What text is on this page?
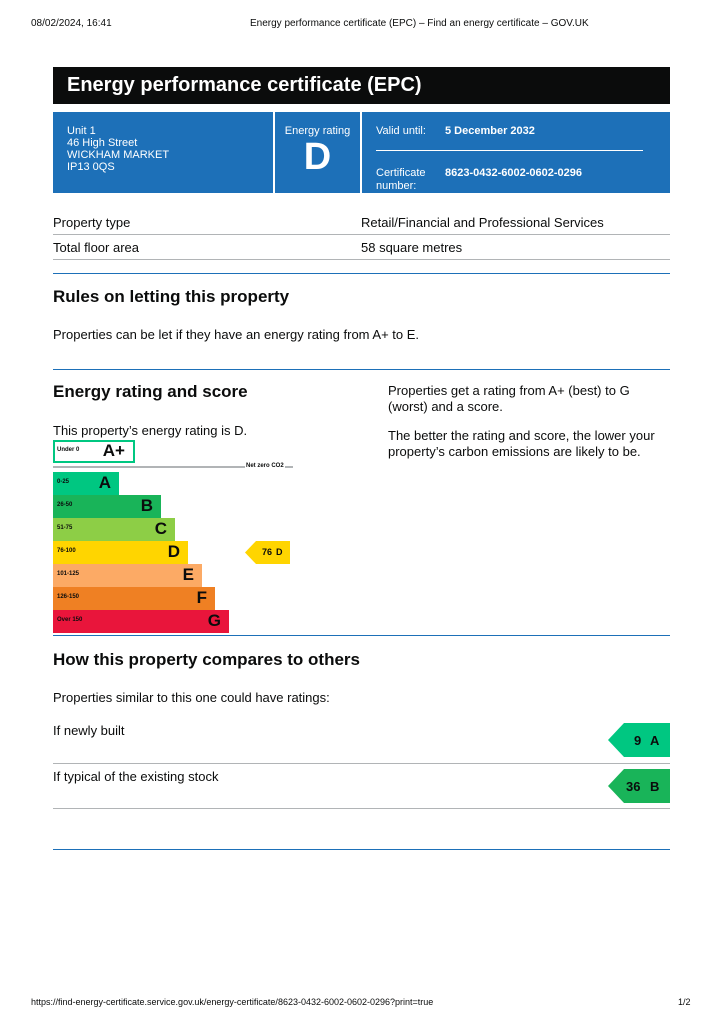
08/02/2024, 16:41	Energy performance certificate (EPC) – Find an energy certificate – GOV.UK
Energy performance certificate (EPC)
Unit 1
46 High Street
WICKHAM MARKET
IP13 0QS
Energy rating
D
Valid until: 5 December 2032
Certificate
number:
8623-0432-6002-0602-0296
Property type	Retail/Financial and Professional Services
Total floor area	58 square metres
Rules on letting this property
Properties can be let if they have an energy rating from A+ to E.
Energy rating and score
This property’s energy rating is D.
Properties get a rating from A+ (best) to G (worst) and a score.
The better the rating and score, the lower your property’s carbon emissions are likely to be.
Under 0 A+
0-25 A
26-50	B
51-75	C
76-100	D
101-125	E
126-150	F
Over 150	G
Net zero CO2
76 D
How this property compares to others
Properties similar to this one could have ratings:
If newly built
9 A
If typical of the existing stock
36 B
https://find-energy-certificate.service.gov.uk/energy-certificate/8623-0432-6002-0602-0296?print=true	1/2
